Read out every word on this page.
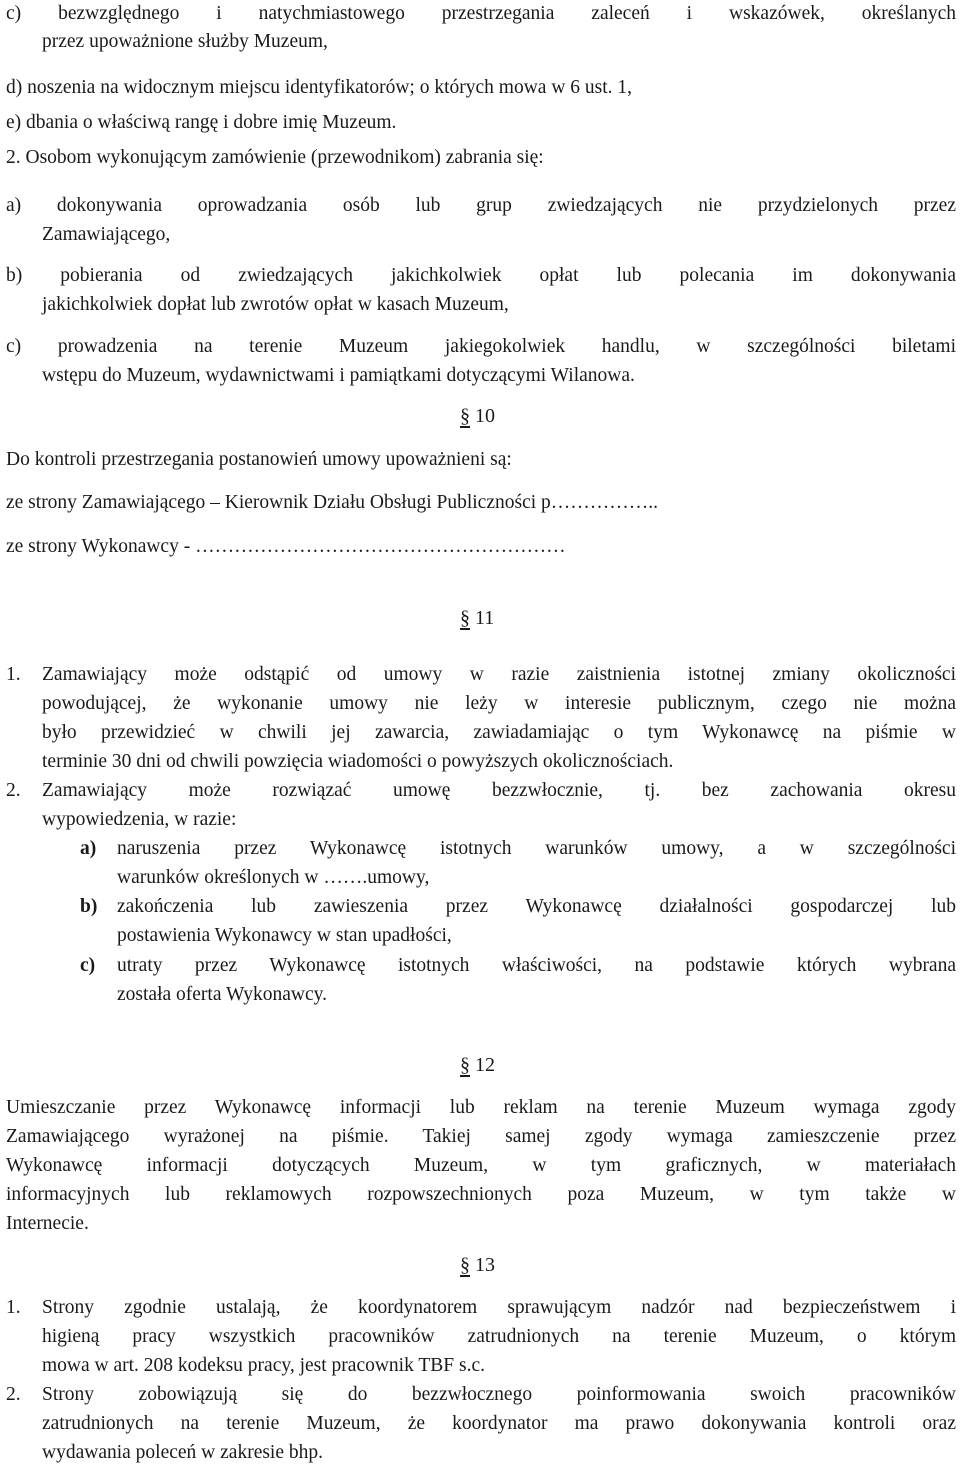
c) bezwzględnego i natychmiastowego przestrzegania zaleceń i wskazówek, określanych
przez upoważnione służby Muzeum,
d) noszenia na widocznym miejscu identyfikatorów; o których mowa w 6 ust. 1,
e) dbania o właściwą rangę i dobre imię Muzeum.
2. Osobom wykonującym zamówienie (przewodnikom) zabrania się:
a) dokonywania oprowadzania osób lub grup zwiedzających nie przydzielonych przez
Zamawiającego,
b) pobierania od zwiedzających jakichkolwiek opłat lub polecania im dokonywania
jakichkolwiek dopłat lub zwrotów opłat w kasach Muzeum,
c) prowadzenia na terenie Muzeum jakiegokolwiek handlu, w szczególności biletami
wstępu do Muzeum, wydawnictwami i pamiątkami dotyczącymi Wilanowa.
§ 10
Do kontroli przestrzegania postanowień umowy upoważnieni są:
ze strony Zamawiającego – Kierownik Działu Obsługi Publiczności p……………..
ze strony Wykonawcy - …………………………………………………
§ 11
1. Zamawiający może odstąpić od umowy w razie zaistnienia istotnej zmiany okoliczności
powodującej, że wykonanie umowy nie leży w interesie publicznym, czego nie można
było przewidzieć w chwili jej zawarcia, zawiadamiając o tym Wykonawcę na piśmie w
terminie 30 dni od chwili powzięcia wiadomości o powyższych okolicznościach.
2. Zamawiający może rozwiązać umowę bezzwłocznie, tj. bez zachowania okresu
wypowiedzenia, w razie:
a) naruszenia przez Wykonawcę istotnych warunków umowy, a w szczególności
warunków określonych w …….umowy,
b) zakończenia lub zawieszenia przez Wykonawcę działalności gospodarczej lub
postawienia Wykonawcy w stan upadłości,
c) utraty przez Wykonawcę istotnych właściwości, na podstawie których wybrana
została oferta Wykonawcy.
§ 12
Umieszczanie przez Wykonawcę informacji lub reklam na terenie Muzeum wymaga zgody
Zamawiającego wyrażonej na piśmie. Takiej samej zgody wymaga zamieszczenie przez
Wykonawcę informacji dotyczących Muzeum, w tym graficznych, w materiałach
informacyjnych lub reklamowych rozpowszechnionych poza Muzeum, w tym także w
Internecie.
§ 13
1. Strony zgodnie ustalają, że koordynatorem sprawującym nadzór nad bezpieczeństwem i
higieną pracy wszystkich pracowników zatrudnionych na terenie Muzeum, o którym
mowa w art. 208 kodeksu pracy, jest pracownik TBF s.c.
2. Strony zobowiązują się do bezzwłocznego poinformowania swoich pracowników
zatrudnionych na terenie Muzeum, że koordynator ma prawo dokonywania kontroli oraz
wydawania poleceń w zakresie bhp.
